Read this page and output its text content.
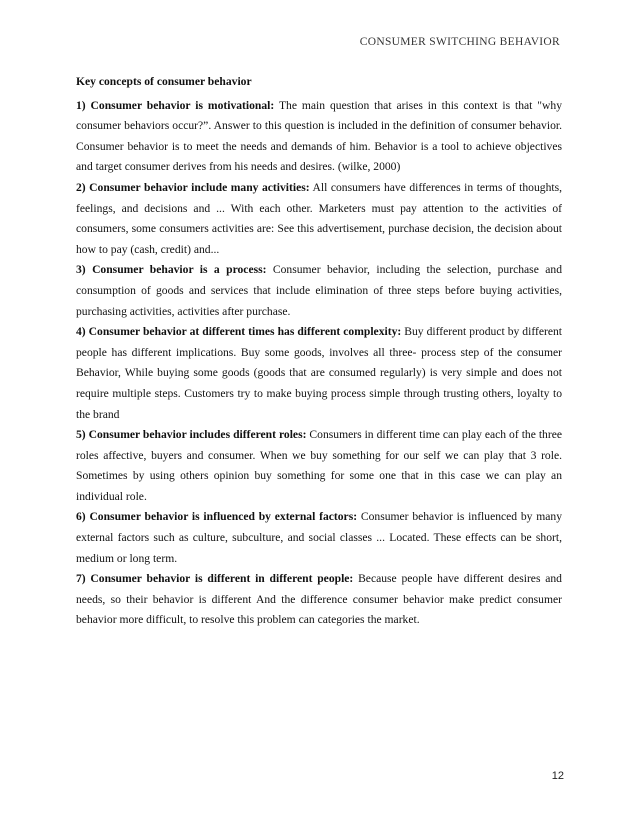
CONSUMER SWITCHING BEHAVIOR
Key concepts of consumer behavior
1) Consumer behavior is motivational: The main question that arises in this context is that "why consumer behaviors occur?”. Answer to this question is included in the definition of consumer behavior. Consumer behavior is to meet the needs and demands of him. Behavior is a tool to achieve objectives and target consumer derives from his needs and desires. (wilke, 2000)
2) Consumer behavior include many activities: All consumers have differences in terms of thoughts, feelings, and decisions and ... With each other. Marketers must pay attention to the activities of consumers, some consumers activities are: See this advertisement, purchase decision, the decision about how to pay (cash, credit) and...
3) Consumer behavior is a process: Consumer behavior, including the selection, purchase and consumption of goods and services that include elimination of three steps before buying activities, purchasing activities, activities after purchase.
4) Consumer behavior at different times has different complexity: Buy different product by different people has different implications. Buy some goods, involves all three- process step of the consumer Behavior, While buying some goods (goods that are consumed regularly) is very simple and does not require multiple steps. Customers try to make buying process simple through trusting others, loyalty to the brand
5) Consumer behavior includes different roles: Consumers in different time can play each of the three roles affective, buyers and consumer. When we buy something for our self we can play that 3 role. Sometimes by using others opinion buy something for some one that in this case we can play an individual role.
6) Consumer behavior is influenced by external factors: Consumer behavior is influenced by many external factors such as culture, subculture, and social classes ... Located. These effects can be short, medium or long term.
7) Consumer behavior is different in different people: Because people have different desires and needs, so their behavior is different And the difference consumer behavior make predict consumer behavior more difficult, to resolve this problem can categories the market.
12
